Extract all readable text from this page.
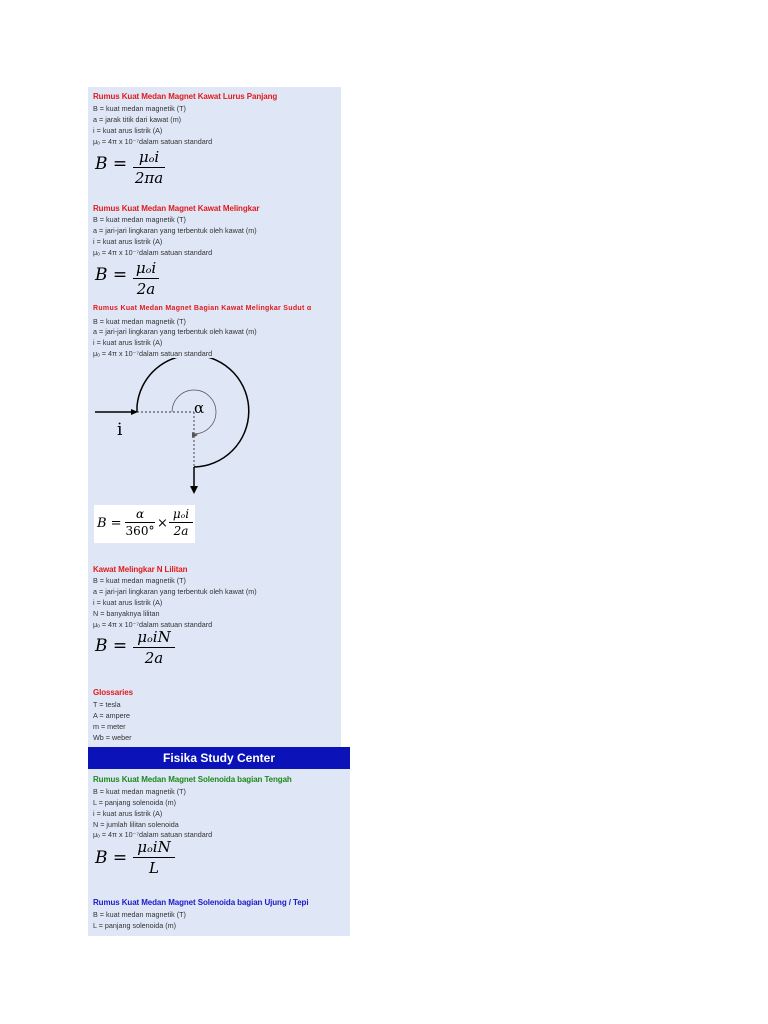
Rumus Kuat Medan Magnet Kawat Lurus Panjang
B = kuat medan magnetik (T)
a = jarak titik dari kawat (m)
i = kuat arus listrik (A)
μₒ = 4π x 10⁻⁷dalam satuan standard
B = μₒi
2πa
Rumus Kuat Medan Magnet Kawat Melingkar
B = kuat medan magnetik (T)
a = jari-jari lingkaran yang terbentuk oleh kawat (m)
i = kuat arus listrik (A)
μₒ = 4π x 10⁻⁷dalam satuan standard
B = μₒi
2a
Rumus Kuat Medan Magnet Bagian Kawat Melingkar Sudut α
B = kuat medan magnetik (T)
a = jari-jari lingkaran yang terbentuk oleh kawat (m)
i = kuat arus listrik (A)
μₒ = 4π x 10⁻⁷dalam satuan standard
α
i
B =
α
360° ×
μₒi
2a
Kawat Melingkar N Lilitan
B = kuat medan magnetik (T)
a = jari-jari lingkaran yang terbentuk oleh kawat (m)
i = kuat arus listrik (A)
N = banyaknya lilitan
μₒ = 4π x 10⁻⁷dalam satuan standard
B = μₒiN
2a
Glossaries
T = tesla
A = ampere
m = meter
Wb = weber
Fisika Study Center
Rumus Kuat Medan Magnet Solenoida bagian Tengah
B = kuat medan magnetik (T)
L = panjang solenoida (m)
i = kuat arus listrik (A)
N = jumlah lilitan solenoida
μₒ = 4π x 10⁻⁷dalam satuan standard
B =
μₒiN
L
Rumus Kuat Medan Magnet Solenoida bagian Ujung / Tepi
B = kuat medan magnetik (T)
L = panjang solenoida (m)
